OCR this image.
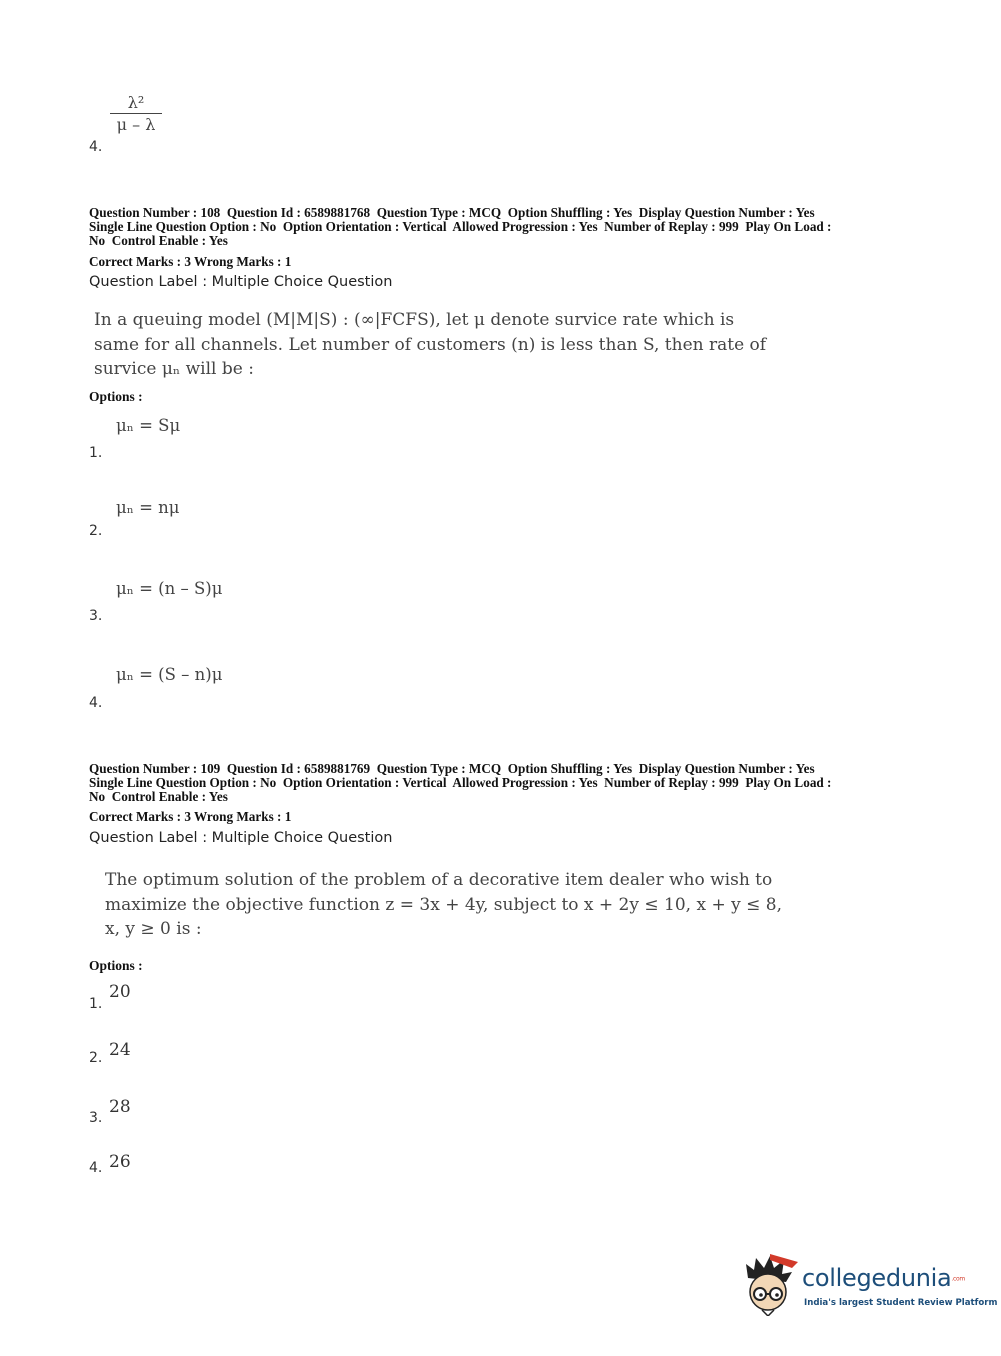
λ²
μ – λ
4.
Question Number : 108  Question Id : 6589881768  Question Type : MCQ  Option Shuffling : Yes  Display Question Number : Yes
Single Line Question Option : No  Option Orientation : Vertical  Allowed Progression : Yes  Number of Replay : 999  Play On Load :
No  Control Enable : Yes
Correct Marks : 3 Wrong Marks : 1
Question Label : Multiple Choice Question
In a queuing model (M|M|S) : (∞|FCFS), let μ denote survice rate which is
same for all channels. Let number of customers (n) is less than S, then rate of
survice μₙ will be :
Options :
μₙ = Sμ
1.
μₙ = nμ
2.
μₙ = (n – S)μ
3.
μₙ = (S – n)μ
4.
Question Number : 109  Question Id : 6589881769  Question Type : MCQ  Option Shuffling : Yes  Display Question Number : Yes
Single Line Question Option : No  Option Orientation : Vertical  Allowed Progression : Yes  Number of Replay : 999  Play On Load :
No  Control Enable : Yes
Correct Marks : 3 Wrong Marks : 1
Question Label : Multiple Choice Question
The optimum solution of the problem of a decorative item dealer who wish to
maximize the objective function z = 3x + 4y, subject to x + 2y ≤ 10, x + y ≤ 8,
x, y ≥ 0 is :
Options :
1.
20
2. 24
3.
28
4. 26
collegedunia.com
India's largest Student Review Platform
